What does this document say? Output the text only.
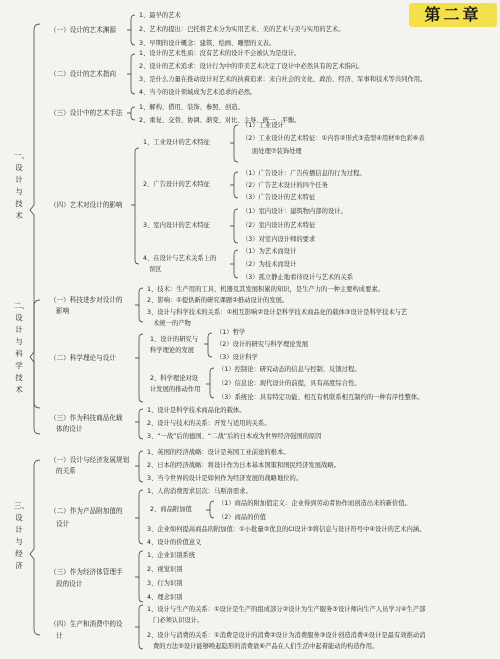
第二章
一、设计与技术
二、设计与科学技术
三、设计与经济
（一）设计的艺术渊源
1、最早的艺术
2、艺术的提出：巴托将艺术分为实用艺术、美的艺术与美与实用的艺术。
3、早期的设计概念：建筑、绘画、雕塑的义表。
（二）设计的艺术指向
1、设计的艺术性质：没有艺术的设计不会被认为是设计。
2、设计的艺术追求：设计行为中的审美艺术决定了设计中必然具有的艺术指向。
3、是什么力量在推动设计对艺术的执着追求：来自社会的文化、政治、经济、军事和技术等共同作用。
4、当今的设计领域成为艺术追求的必然。
（三）设计中的艺术手法
1、解构、借用、装饰、参照、创造。
2、重复、交替、协调、渐变、对比、主导、统一、平衡。
（四）艺术对设计的影响
1、工业设计的艺术特征
（1）工业设计
（2）工业设计的艺术特征：①内容②形式③造型④用材⑤色彩⑥表
面处理⑦装饰处理
2、广告设计的艺术特征
（1）广告设计：广告传播信息的行为过程。
（2）广告艺术设计的四个任务
（3）广告设计的艺术特征
3、室内设计的艺术特征
（1）室内设计：建筑物内部的设计。
（2）室内设计的艺术特征
（3）对室内设计师的要求
4、在设计与艺术关系上的
误区
（1）为艺术而设计
（2）为技术而设计
（3）孤立静止地看待设计与艺术的关系
（一）科技进步对设计的
影响
1、技术：生产用的工具、机器及其发展积累的知识，是生产力的一种主要构成要素。
2、影响：①提供新的研究课题②推动设计的发展。
3、设计与科学技术的关系：①相互影响②设计是科学技术商品化的载体③设计是科学技术与艺
术统一的产物
（二）科学理论与设计
1、设计的研究与
科学理论的发展
（1）哲学
（2）设计的研究与科学理论发展
（3）设计科学
2、科学理论对设
计发展的推动作用
（1）控制论：研究动态的信息与控制、反馈过程。
（2）信息论：现代设计的前提，具有高度综合性。
（3）系统论：具有特定功能、相互有机联系相互制约的一种有序性整体。
（三）作为科技商品化载
体的设计
1、设计是科学技术商品化的载体。
2、设计与技术的关系：开发与适用的关系。
3、“一战”后的德国、“二战”后的日本成为世界经济强国的原因
（一）设计与经济发展规划
的关系
1、英国的经济战略：设计是英国工业前途的根本。
2、日本的经济战略：将设计作为日本基本国策和国民经济发展战略。
3、当今世界的设计是如何作为经济发展的战略地位的。
（二）作为产品附加值的
设计
1、人的消费需求层次：马斯洛需求。
2、商品附加值
（1）商品的附加值定义：企业得到劳动者协作而创造出来的新价值。
（2）商品的价值
3、企业如何提高商品的附加值：①小批量②优良的CI设计③将信息与设计符号中④设计的艺术内涵。
4、设计的价值意义
（三）作为经济体管理手
段的设计
1、企业识别系统
2、视觉识别
3、行为识别
4、理念识别
（四）生产和消费中的设
计
1、设计与生产的关系：①设计是生产的组成部分②设计为生产服务③设计师向生产人员学习④生产部
门必须认识设计。
2、设计与消费的关系：①消费是设计的消费②设计为消费服务③设计创造消费④设计是最有效推动消
费的方法⑤设计能够唤起隐形的消费欲⑥产品在人们生活中起着能动的构造作用。
